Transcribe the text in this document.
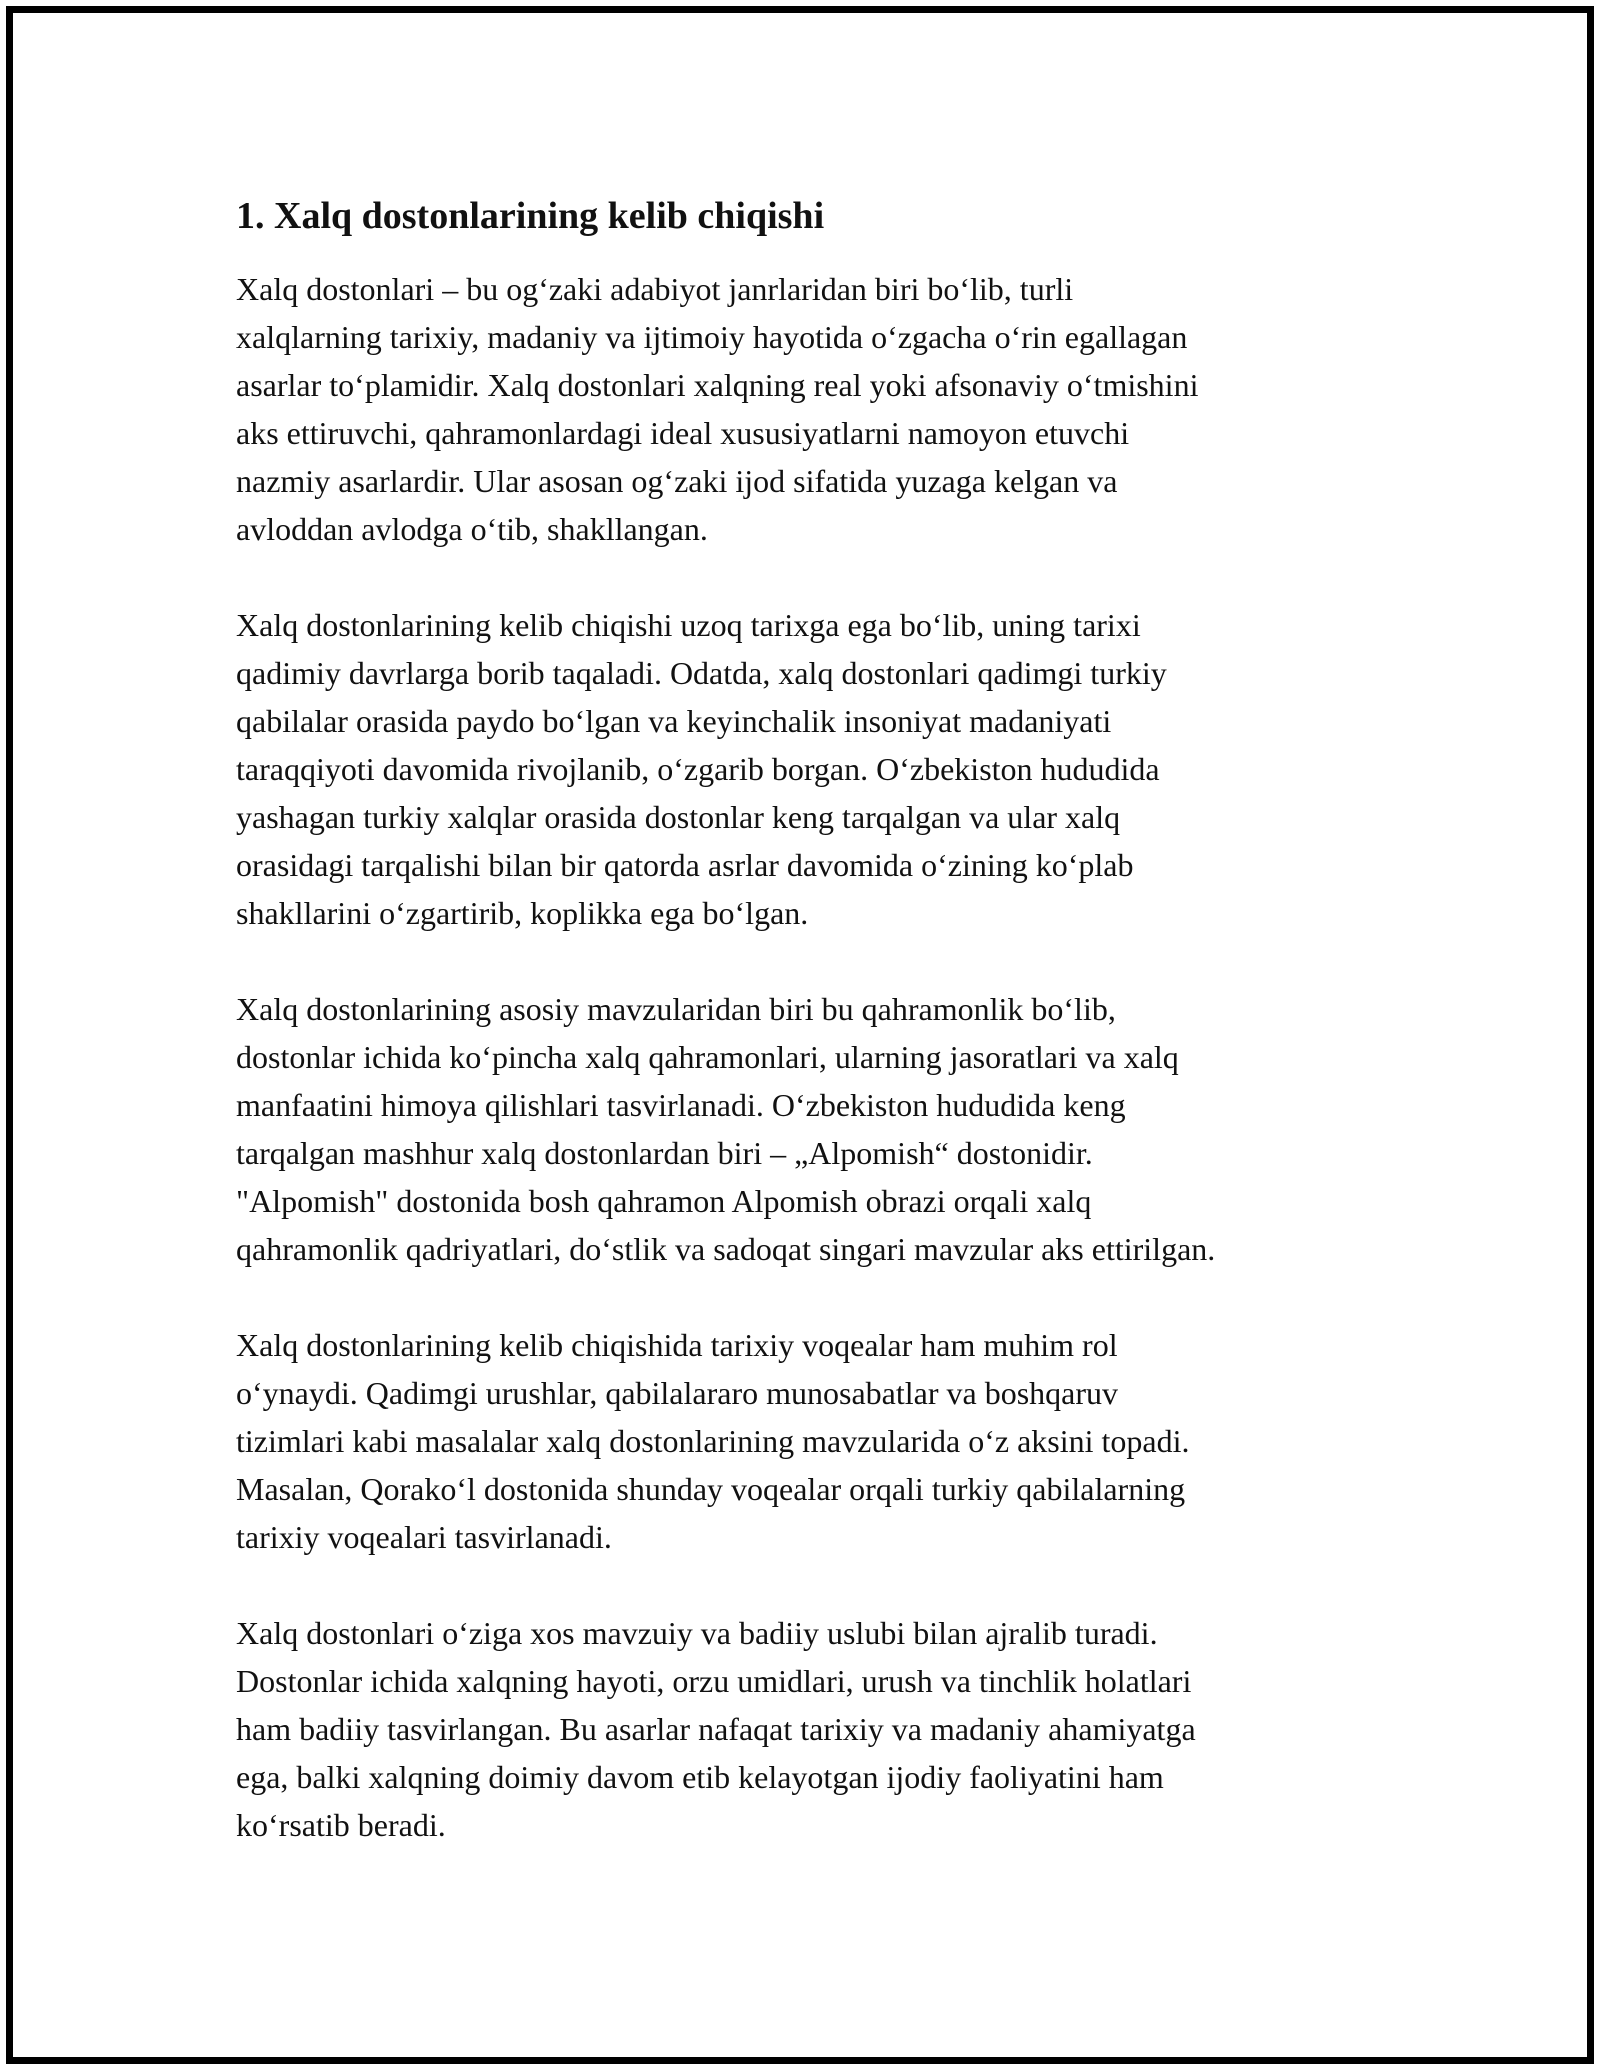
1. Xalq dostonlarining kelib chiqishi

Xalq dostonlari – bu og‘zaki adabiyot janrlaridan biri bo‘lib, turli
xalqlarning tarixiy, madaniy va ijtimoiy hayotida o‘zgacha o‘rin egallagan
asarlar to‘plamidir. Xalq dostonlari xalqning real yoki afsonaviy o‘tmishini
aks ettiruvchi, qahramonlardagi ideal xususiyatlarni namoyon etuvchi
nazmiy asarlardir. Ular asosan og‘zaki ijod sifatida yuzaga kelgan va
avloddan avlodga o‘tib, shakllangan.

Xalq dostonlarining kelib chiqishi uzoq tarixga ega bo‘lib, uning tarixi
qadimiy davrlarga borib taqaladi. Odatda, xalq dostonlari qadimgi turkiy
qabilalar orasida paydo bo‘lgan va keyinchalik insoniyat madaniyati
taraqqiyoti davomida rivojlanib, o‘zgarib borgan. O‘zbekiston hududida
yashagan turkiy xalqlar orasida dostonlar keng tarqalgan va ular xalq
orasidagi tarqalishi bilan bir qatorda asrlar davomida o‘zining ko‘plab
shakllarini o‘zgartirib, koplikka ega bo‘lgan.

Xalq dostonlarining asosiy mavzularidan biri bu qahramonlik bo‘lib,
dostonlar ichida ko‘pincha xalq qahramonlari, ularning jasoratlari va xalq
manfaatini himoya qilishlari tasvirlanadi. O‘zbekiston hududida keng
tarqalgan mashhur xalq dostonlardan biri – „Alpomish“ dostonidir.
"Alpomish" dostonida bosh qahramon Alpomish obrazi orqali xalq
qahramonlik qadriyatlari, do‘stlik va sadoqat singari mavzular aks ettirilgan.

Xalq dostonlarining kelib chiqishida tarixiy voqealar ham muhim rol
o‘ynaydi. Qadimgi urushlar, qabilalararo munosabatlar va boshqaruv
tizimlari kabi masalalar xalq dostonlarining mavzularida o‘z aksini topadi.
Masalan, Qorako‘l dostonida shunday voqealar orqali turkiy qabilalarning
tarixiy voqealari tasvirlanadi.

Xalq dostonlari o‘ziga xos mavzuiy va badiiy uslubi bilan ajralib turadi.
Dostonlar ichida xalqning hayoti, orzu umidlari, urush va tinchlik holatlari
ham badiiy tasvirlangan. Bu asarlar nafaqat tarixiy va madaniy ahamiyatga
ega, balki xalqning doimiy davom etib kelayotgan ijodiy faoliyatini ham
ko‘rsatib beradi.
